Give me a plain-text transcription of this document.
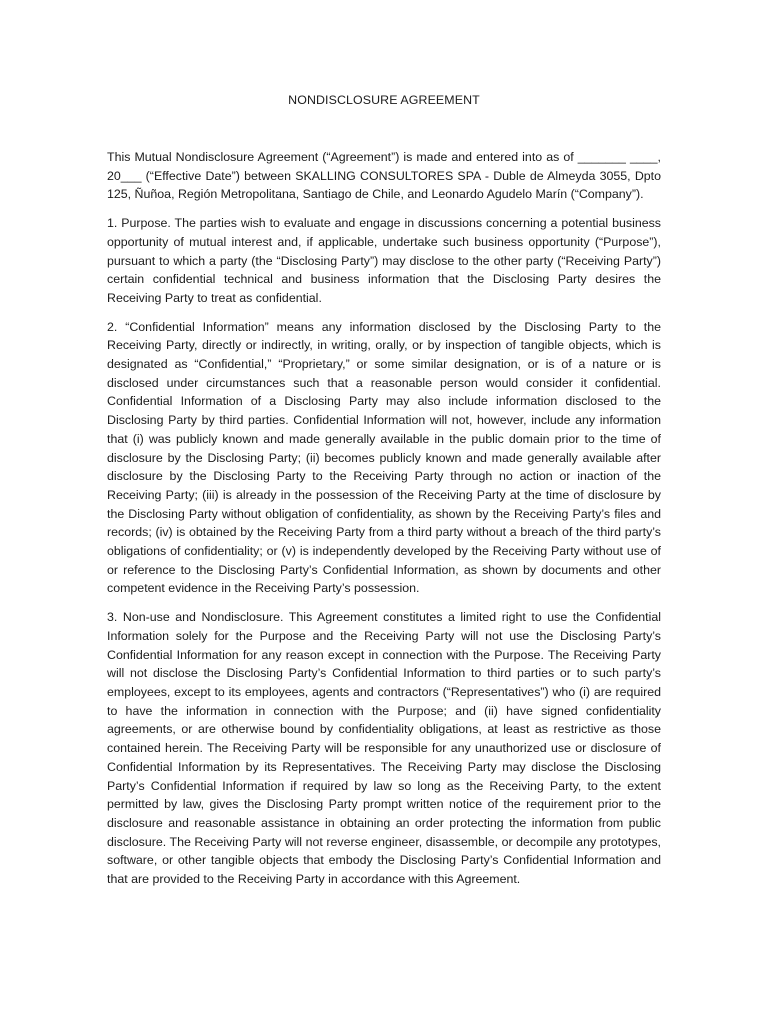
NONDISCLOSURE AGREEMENT

This Mutual Nondisclosure Agreement (“Agreement”) is made and entered into as of _______ ____, 20___ (“Effective Date”) between SKALLING CONSULTORES SPA - Duble de Almeyda 3055, Dpto 125, Ñuñoa, Región Metropolitana, Santiago de Chile, and Leonardo Agudelo Marín (“Company”).

1. Purpose. The parties wish to evaluate and engage in discussions concerning a potential business opportunity of mutual interest and, if applicable, undertake such business opportunity (“Purpose”), pursuant to which a party (the “Disclosing Party”) may disclose to the other party (“Receiving Party”) certain confidential technical and business information that the Disclosing Party desires the Receiving Party to treat as confidential.

2. “Confidential Information” means any information disclosed by the Disclosing Party to the Receiving Party, directly or indirectly, in writing, orally, or by inspection of tangible objects, which is designated as “Confidential,” “Proprietary,” or some similar designation, or is of a nature or is disclosed under circumstances such that a reasonable person would consider it confidential. Confidential Information of a Disclosing Party may also include information disclosed to the Disclosing Party by third parties. Confidential Information will not, however, include any information that (i) was publicly known and made generally available in the public domain prior to the time of disclosure by the Disclosing Party; (ii) becomes publicly known and made generally available after disclosure by the Disclosing Party to the Receiving Party through no action or inaction of the Receiving Party; (iii) is already in the possession of the Receiving Party at the time of disclosure by the Disclosing Party without obligation of confidentiality, as shown by the Receiving Party’s files and records; (iv) is obtained by the Receiving Party from a third party without a breach of the third party’s obligations of confidentiality; or (v) is independently developed by the Receiving Party without use of or reference to the Disclosing Party’s Confidential Information, as shown by documents and other competent evidence in the Receiving Party’s possession.

3. Non-use and Nondisclosure. This Agreement constitutes a limited right to use the Confidential Information solely for the Purpose and the Receiving Party will not use the Disclosing Party’s Confidential Information for any reason except in connection with the Purpose. The Receiving Party will not disclose the Disclosing Party’s Confidential Information to third parties or to such party’s employees, except to its employees, agents and contractors (“Representatives”) who (i) are required to have the information in connection with the Purpose; and (ii) have signed confidentiality agreements, or are otherwise bound by confidentiality obligations, at least as restrictive as those contained herein. The Receiving Party will be responsible for any unauthorized use or disclosure of Confidential Information by its Representatives. The Receiving Party may disclose the Disclosing Party’s Confidential Information if required by law so long as the Receiving Party, to the extent permitted by law, gives the Disclosing Party prompt written notice of the requirement prior to the disclosure and reasonable assistance in obtaining an order protecting the information from public disclosure. The Receiving Party will not reverse engineer, disassemble, or decompile any prototypes, software, or other tangible objects that embody the Disclosing Party’s Confidential Information and that are provided to the Receiving Party in accordance with this Agreement.
